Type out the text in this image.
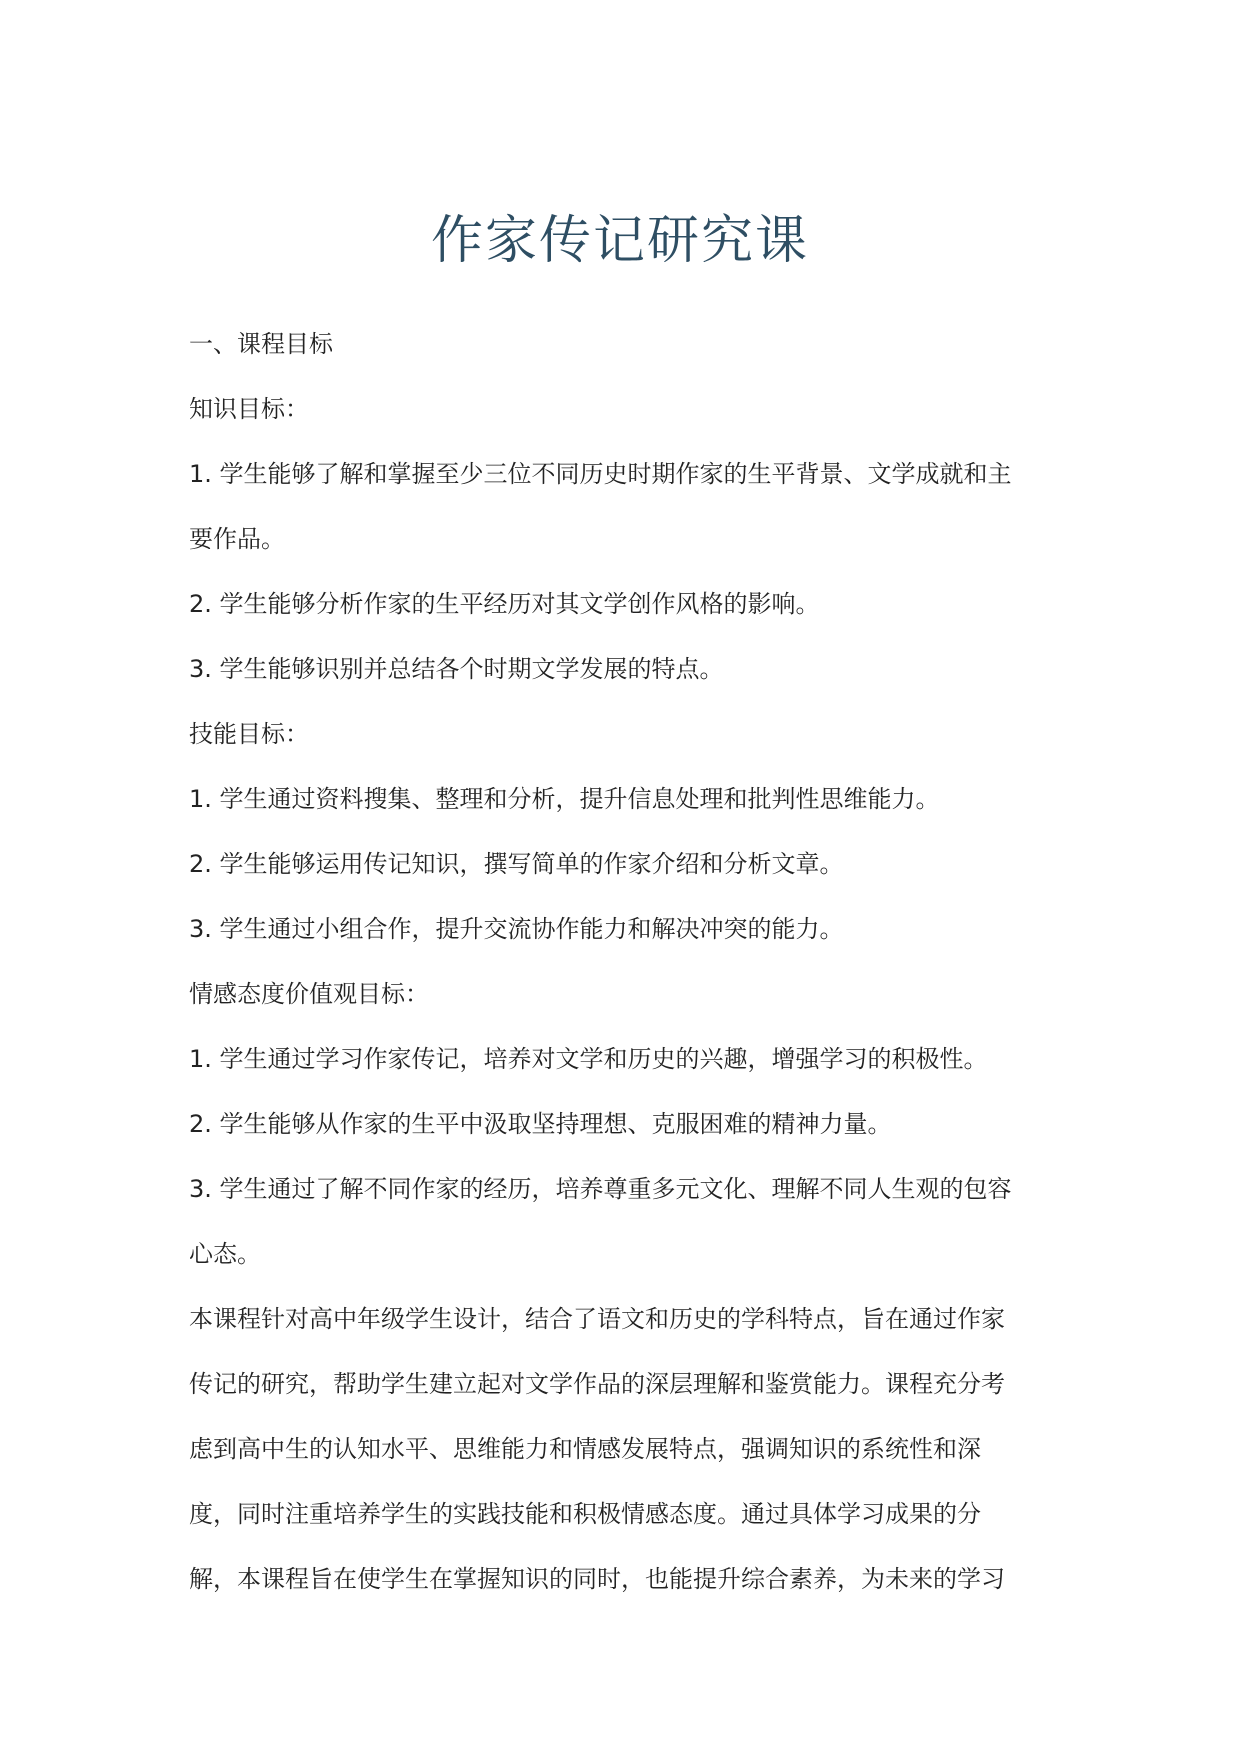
作家传记研究课

一、课程目标

知识目标：

1. 学生能够了解和掌握至少三位不同历史时期作家的生平背景、文学成就和主

要作品。

2. 学生能够分析作家的生平经历对其文学创作风格的影响。

3. 学生能够识别并总结各个时期文学发展的特点。

技能目标：

1. 学生通过资料搜集、整理和分析，提升信息处理和批判性思维能力。

2. 学生能够运用传记知识，撰写简单的作家介绍和分析文章。

3. 学生通过小组合作，提升交流协作能力和解决冲突的能力。

情感态度价值观目标：

1. 学生通过学习作家传记，培养对文学和历史的兴趣，增强学习的积极性。

2. 学生能够从作家的生平中汲取坚持理想、克服困难的精神力量。

3. 学生通过了解不同作家的经历，培养尊重多元文化、理解不同人生观的包容

心态。

本课程针对高中年级学生设计，结合了语文和历史的学科特点，旨在通过作家

传记的研究，帮助学生建立起对文学作品的深层理解和鉴赏能力。课程充分考

虑到高中生的认知水平、思维能力和情感发展特点，强调知识的系统性和深

度，同时注重培养学生的实践技能和积极情感态度。通过具体学习成果的分

解，本课程旨在使学生在掌握知识的同时，也能提升综合素养，为未来的学习
